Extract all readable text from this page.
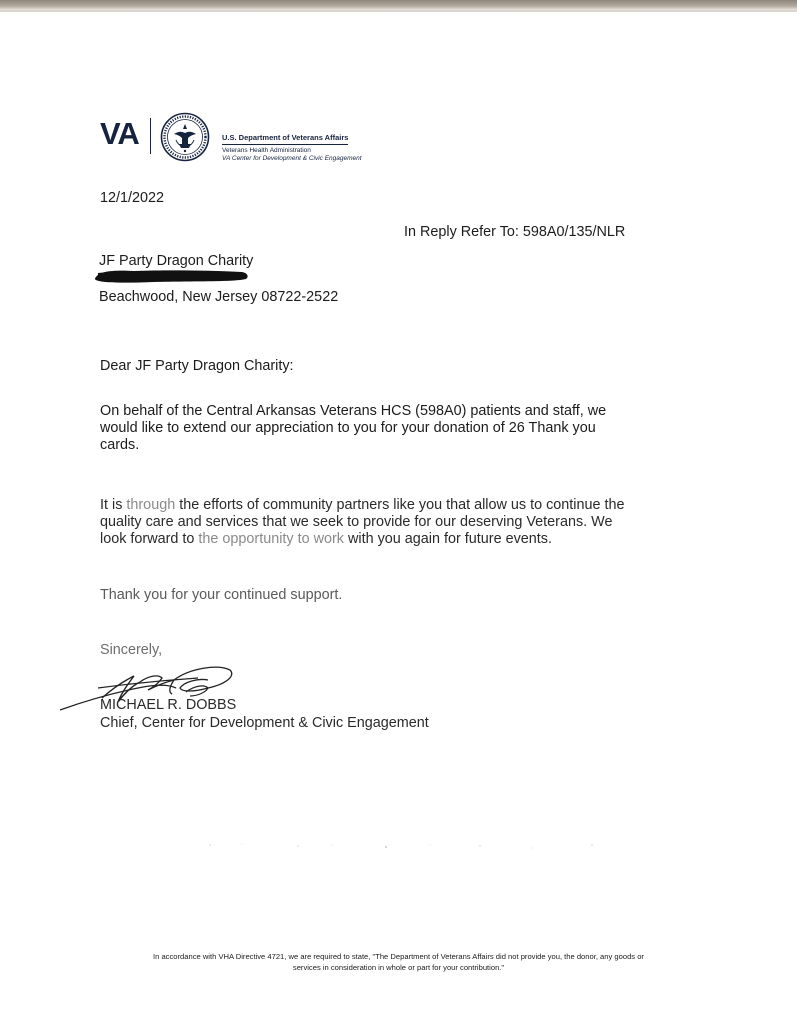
VA	U.S. Department of Veterans Affairs
Veterans Health Administration
VA Center for Development & Civic Engagement
12/1/2022
In Reply Refer To: 598A0/135/NLR
JF Party Dragon Charity
Beachwood, New Jersey 08722-2522
Dear JF Party Dragon Charity:
On behalf of the Central Arkansas Veterans HCS (598A0) patients and staff, we
would like to extend our appreciation to you for your donation of 26 Thank you
cards.
It is through the efforts of community partners like you that allow us to continue the
quality care and services that we seek to provide for our deserving Veterans. We
look forward to the opportunity to work with you again for future events.
Thank you for your continued support.
Sincerely,
MICHAEL R. DOBBS
Chief, Center for Development & Civic Engagement
In accordance with VHA Directive 4721, we are required to state, "The Department of Veterans Affairs did not provide you, the donor, any goods or
services in consideration in whole or part for your contribution."
